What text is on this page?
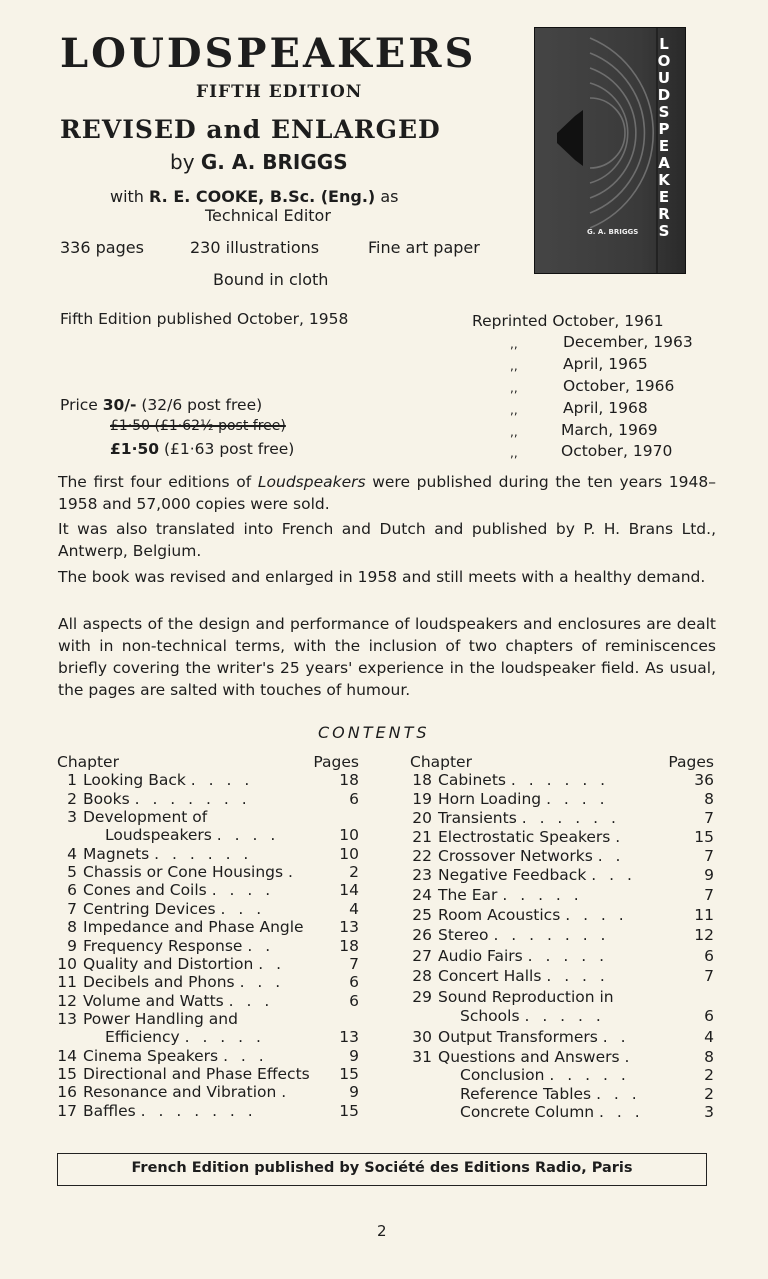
LOUDSPEAKERS
FIFTH EDITION
REVISED and ENLARGED
by G. A. BRIGGS
with R. E. COOKE, B.Sc. (Eng.) as
Technical Editor
336 pages	230 illustrations	Fine art paper
Bound in cloth
L
O
U
D
S
P
E
A
K
E
R
S
G. A. BRIGGS
Fifth Edition published October, 1958	Reprinted October, 1961
,,	December, 1963
,,	April, 1965
,,	October, 1966
,,	April, 1968
,,	March, 1969
,,	October, 1970
Price 30/- (32/6 post free)
£1·50 (£1·62½ post free)
£1·50 (£1·63 post free)

The first four editions of Loudspeakers were published during the ten years 1948–1958 and 57,000 copies were sold.

It was also translated into French and Dutch and published by P. H. Brans Ltd., Antwerp, Belgium.

The book was revised and enlarged in 1958 and still meets with a healthy demand.

All aspects of the design and performance of loudspeakers and enclosures are dealt with in non-technical terms, with the inclusion of two chapters of reminiscences briefly covering the writer's 25 years' experience in the loudspeaker field. As usual, the pages are salted with touches of humour.

CONTENTS
Chapter	Pages
1 Looking Back . . . .	18
2 Books . . . . . . .	6
3 Development of
Loudspeakers . . . .	10
4 Magnets . . . . . .	10
5 Chassis or Cone Housings .	2
6 Cones and Coils . . . .	14
7 Centring Devices . . .	4
8 Impedance and Phase Angle 13
9 Frequency Response . .	18
10 Quality and Distortion . .	7
11 Decibels and Phons . . .	6
12 Volume and Watts . . .	6
13 Power Handling and
Efficiency . . . . .	13
14 Cinema Speakers . . .	9
15 Directional and Phase Effects 15
16 Resonance and Vibration .	9
17 Baffles . . . . . . .	15
Chapter	Pages
18 Cabinets . . . . . .	36
19 Horn Loading . . . .	8
20 Transients . . . . . .	7
21 Electrostatic Speakers .	15
22 Crossover Networks . .	7
23 Negative Feedback . . .	9
24 The Ear . . . . .	7
25 Room Acoustics . . . .	11
26 Stereo . . . . . . .	12
27 Audio Fairs . . . . .	6
28 Concert Halls . . . .	7
29 Sound Reproduction in
Schools . . . . .	6
30 Output Transformers . .	4
31 Questions and Answers .	8
Conclusion . . . . .	2
Reference Tables . . .	2
Concrete Column . . .	3
French Edition published by Société des Editions Radio, Paris
2
